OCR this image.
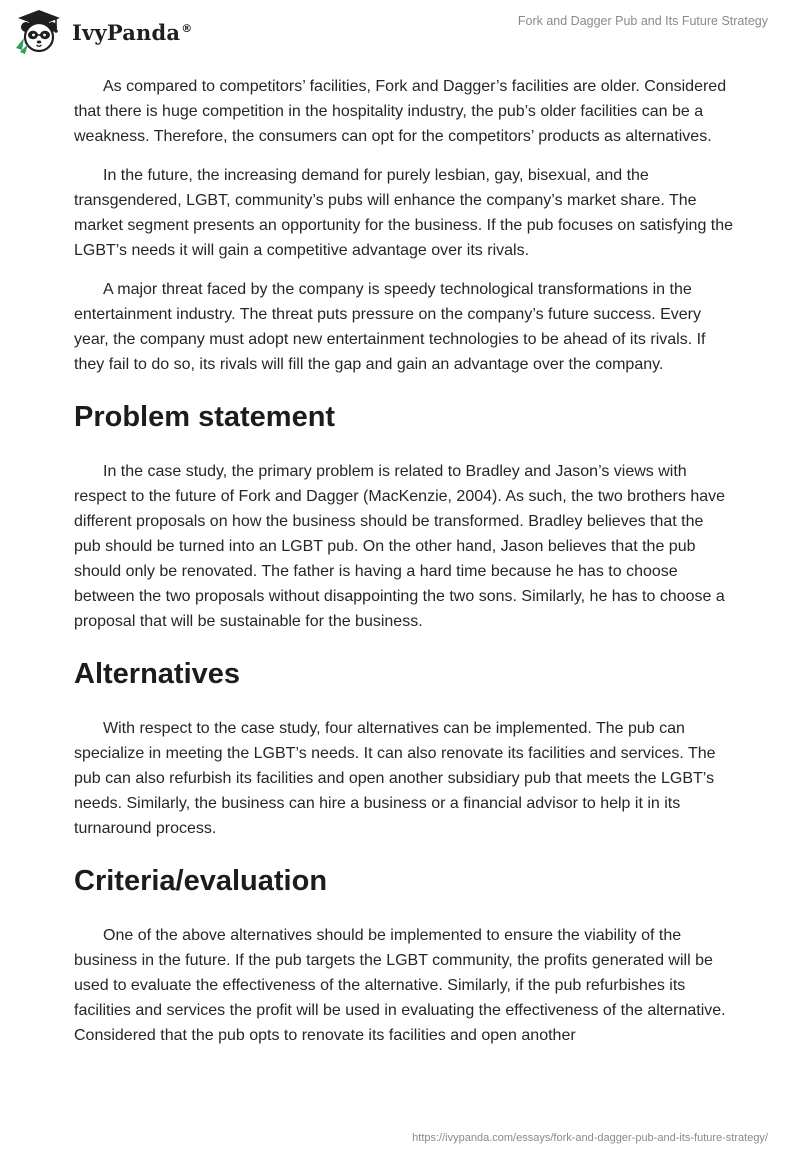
IvyPanda®	Fork and Dagger Pub and Its Future Strategy

As compared to competitors’ facilities, Fork and Dagger’s facilities are older. Considered that there is huge competition in the hospitality industry, the pub’s older facilities can be a weakness. Therefore, the consumers can opt for the competitors’ products as alternatives.

In the future, the increasing demand for purely lesbian, gay, bisexual, and the transgendered, LGBT, community’s pubs will enhance the company’s market share. The market segment presents an opportunity for the business. If the pub focuses on satisfying the LGBT’s needs it will gain a competitive advantage over its rivals.

A major threat faced by the company is speedy technological transformations in the entertainment industry. The threat puts pressure on the company’s future success. Every year, the company must adopt new entertainment technologies to be ahead of its rivals. If they fail to do so, its rivals will fill the gap and gain an advantage over the company.

Problem statement

In the case study, the primary problem is related to Bradley and Jason’s views with respect to the future of Fork and Dagger (MacKenzie, 2004). As such, the two brothers have different proposals on how the business should be transformed. Bradley believes that the pub should be turned into an LGBT pub. On the other hand, Jason believes that the pub should only be renovated. The father is having a hard time because he has to choose between the two proposals without disappointing the two sons. Similarly, he has to choose a proposal that will be sustainable for the business.

Alternatives

With respect to the case study, four alternatives can be implemented. The pub can specialize in meeting the LGBT’s needs. It can also renovate its facilities and services. The pub can also refurbish its facilities and open another subsidiary pub that meets the LGBT’s needs. Similarly, the business can hire a business or a financial advisor to help it in its turnaround process.

Criteria/evaluation

One of the above alternatives should be implemented to ensure the viability of the business in the future. If the pub targets the LGBT community, the profits generated will be used to evaluate the effectiveness of the alternative. Similarly, if the pub refurbishes its facilities and services the profit will be used in evaluating the effectiveness of the alternative. Considered that the pub opts to renovate its facilities and open another

https://ivypanda.com/essays/fork-and-dagger-pub-and-its-future-strategy/
